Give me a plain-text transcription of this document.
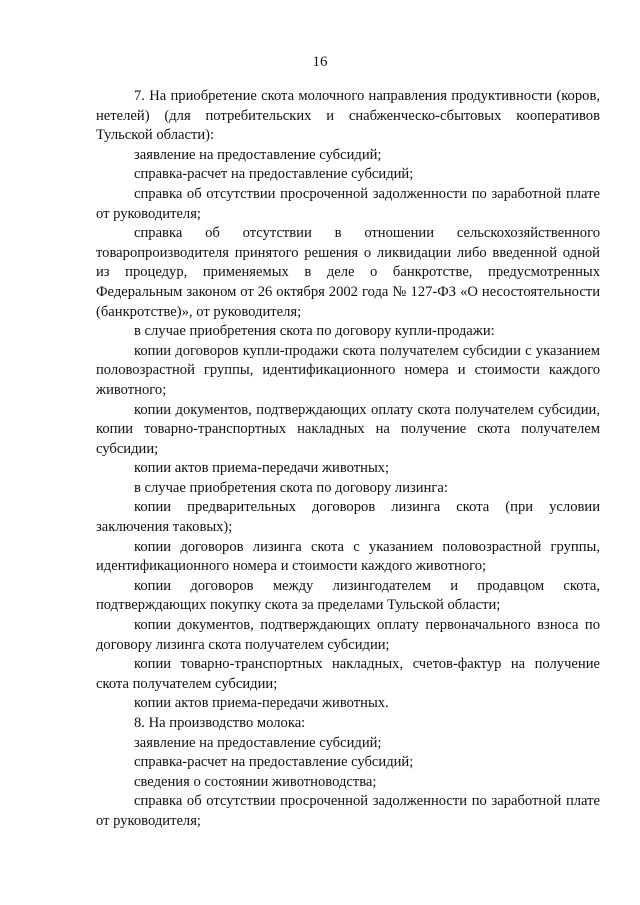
16

7. На приобретение скота молочного направления продуктивности (коров, нетелей) (для потребительских и снабженческо-сбытовых кооперативов Тульской области):

заявление на предоставление субсидий;

справка-расчет на предоставление субсидий;

справка об отсутствии просроченной задолженности по заработной плате от руководителя;

справка об отсутствии в отношении сельскохозяйственного товаропроизводителя принятого решения о ликвидации либо введенной одной из процедур, применяемых в деле о банкротстве, предусмотренных Федеральным законом от 26 октября 2002 года № 127-ФЗ «О несостоятельности (банкротстве)», от руководителя;

в случае приобретения скота по договору купли-продажи:

копии договоров купли-продажи скота получателем субсидии с указанием половозрастной группы, идентификационного номера и стоимости каждого животного;

копии документов, подтверждающих оплату скота получателем субсидии, копии товарно-транспортных накладных на получение скота получателем субсидии;

копии актов приема-передачи животных;

в случае приобретения скота по договору лизинга:

копии предварительных договоров лизинга скота (при условии заключения таковых);

копии договоров лизинга скота с указанием половозрастной группы, идентификационного номера и стоимости каждого животного;

копии договоров между лизингодателем и продавцом скота, подтверждающих покупку скота за пределами Тульской области;

копии документов, подтверждающих оплату первоначального взноса по договору лизинга скота получателем субсидии;

копии товарно-транспортных накладных, счетов-фактур на получение скота получателем субсидии;

копии актов приема-передачи животных.

8. На производство молока:

заявление на предоставление субсидий;

справка-расчет на предоставление субсидий;

сведения о состоянии животноводства;

справка об отсутствии просроченной задолженности по заработной плате от руководителя;
